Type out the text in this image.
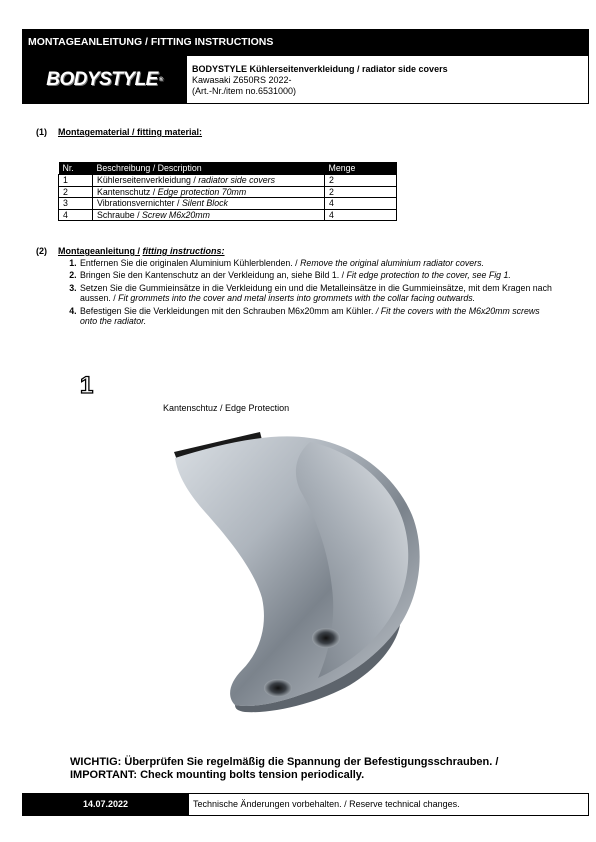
MONTAGEANLEITUNG / FITTING INSTRUCTIONS
BODYSTYLE ®
BODYSTYLE Kühlerseitenverkleidung / radiator side covers
Kawasaki Z650RS 2022-
(Art.-Nr./item no.6531000)
(1) Montagematerial / fitting material:
Nr.	Beschreibung / Description	Menge
1	Kühlerseitenverkleidung / radiator side covers	2
2	Kantenschutz / Edge protection 70mm	2
3	Vibrationsvernichter / Silent Block	4
4	Schraube / Screw M6x20mm	4
(2) Montageanleitung / fitting instructions:
1. Entfernen Sie die originalen Aluminium Kühlerblenden. / Remove the original aluminium radiator covers.
2. Bringen Sie den Kantenschutz an der Verkleidung an, siehe Bild 1. / Fit edge protection to the cover, see Fig 1.
3. Setzen Sie die Gummieinsätze in die Verkleidung ein und die Metalleinsätze in die Gummieinsätze, mit dem Kragen nach aussen. / Fit grommets into the cover and metal inserts into grommets with the collar facing outwards.
4. Befestigen Sie die Verkleidungen mit den Schrauben M6x20mm am Kühler. / Fit the covers with the M6x20mm screws onto the radiator.
1
Kantenschtuz / Edge Protection
WICHTIG: Überprüfen Sie regelmäßig die Spannung der Befestigungsschrauben. /
IMPORTANT: Check mounting bolts tension periodically.
14.07.2022	Technische Änderungen vorbehalten. / Reserve technical changes.
